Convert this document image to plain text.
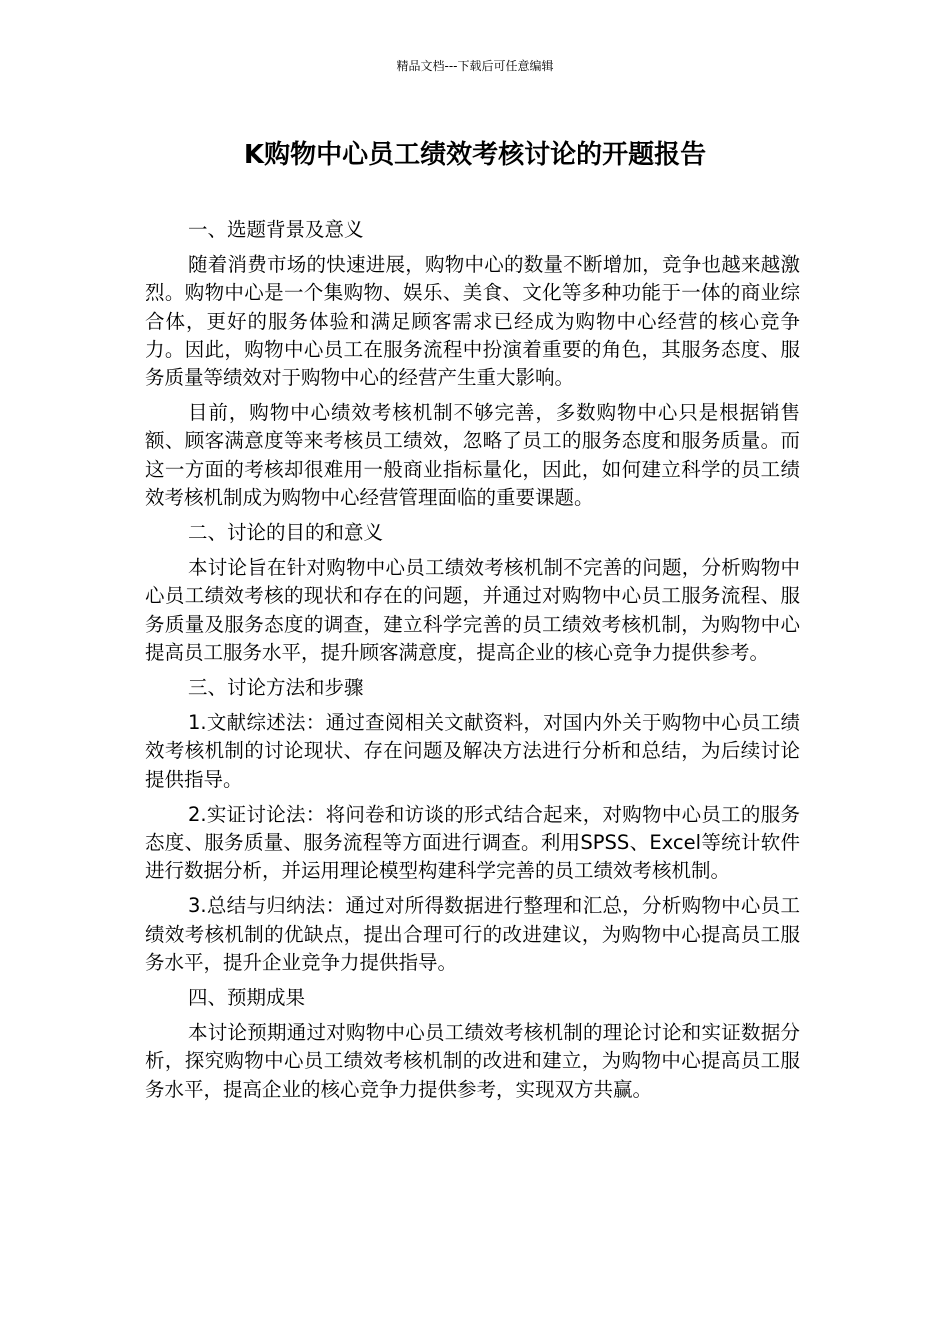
精品文档---下载后可任意编辑
K购物中心员工绩效考核讨论的开题报告

一、选题背景及意义

随着消费市场的快速进展，购物中心的数量不断增加，竞争也越来越激烈。购物中心是一个集购物、娱乐、美食、文化等多种功能于一体的商业综合体，更好的服务体验和满足顾客需求已经成为购物中心经营的核心竞争力。因此，购物中心员工在服务流程中扮演着重要的角色，其服务态度、服务质量等绩效对于购物中心的经营产生重大影响。

目前，购物中心绩效考核机制不够完善，多数购物中心只是根据销售额、顾客满意度等来考核员工绩效，忽略了员工的服务态度和服务质量。而这一方面的考核却很难用一般商业指标量化，因此，如何建立科学的员工绩效考核机制成为购物中心经营管理面临的重要课题。

二、讨论的目的和意义

本讨论旨在针对购物中心员工绩效考核机制不完善的问题，分析购物中心员工绩效考核的现状和存在的问题，并通过对购物中心员工服务流程、服务质量及服务态度的调查，建立科学完善的员工绩效考核机制，为购物中心提高员工服务水平，提升顾客满意度，提高企业的核心竞争力提供参考。

三、讨论方法和步骤

1.文献综述法：通过查阅相关文献资料，对国内外关于购物中心员工绩效考核机制的讨论现状、存在问题及解决方法进行分析和总结，为后续讨论提供指导。

2.实证讨论法：将问卷和访谈的形式结合起来，对购物中心员工的服务态度、服务质量、服务流程等方面进行调查。利用SPSS、Excel等统计软件进行数据分析，并运用理论模型构建科学完善的员工绩效考核机制。

3.总结与归纳法：通过对所得数据进行整理和汇总，分析购物中心员工绩效考核机制的优缺点，提出合理可行的改进建议，为购物中心提高员工服务水平，提升企业竞争力提供指导。

四、预期成果

本讨论预期通过对购物中心员工绩效考核机制的理论讨论和实证数据分析，探究购物中心员工绩效考核机制的改进和建立，为购物中心提高员工服务水平，提高企业的核心竞争力提供参考，实现双方共赢。
